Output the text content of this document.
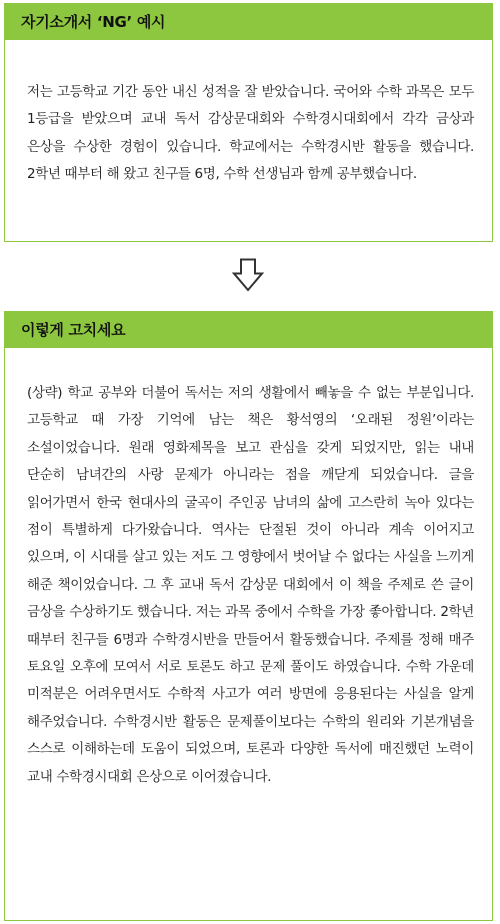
자기소개서 ‘NG’ 예시
저는 고등학교 기간 동안 내신 성적을 잘 받았습니다. 국어와 수학 과목은 모두 1등급을 받았으며 교내 독서 감상문대회와 수학경시대회에서 각각 금상과 은상을 수상한 경험이 있습니다. 학교에서는 수학경시반 활동을 했습니다. 2학년 때부터 해 왔고 친구들 6명, 수학 선생님과 함께 공부했습니다.
이렇게 고치세요
(상략) 학교 공부와 더불어 독서는 저의 생활에서 빼놓을 수 없는 부분입니다. 고등학교 때 가장 기억에 남는 책은 황석영의 ‘오래된 정원’이라는 소설이었습니다. 원래 영화제목을 보고 관심을 갖게 되었지만, 읽는 내내 단순히 남녀간의 사랑 문제가 아니라는 점을 깨닫게 되었습니다. 글을 읽어가면서 한국 현대사의 굴곡이 주인공 남녀의 삶에 고스란히 녹아 있다는 점이 특별하게 다가왔습니다. 역사는 단절된 것이 아니라 계속 이어지고 있으며, 이 시대를 살고 있는 저도 그 영향에서 벗어날 수 없다는 사실을 느끼게 해준 책이었습니다. 그 후 교내 독서 감상문 대회에서 이 책을 주제로 쓴 글이 금상을 수상하기도 했습니다. 저는 과목 중에서 수학을 가장 좋아합니다. 2학년 때부터 친구들 6명과 수학경시반을 만들어서 활동했습니다. 주제를 정해 매주 토요일 오후에 모여서 서로 토론도 하고 문제 풀이도 하였습니다. 수학 가운데 미적분은 어려우면서도 수학적 사고가 여러 방면에 응용된다는 사실을 알게 해주었습니다. 수학경시반 활동은 문제풀이보다는 수학의 원리와 기본개념을 스스로 이해하는데 도움이 되었으며, 토론과 다양한 독서에 매진했던 노력이 교내 수학경시대회 은상으로 이어졌습니다.
